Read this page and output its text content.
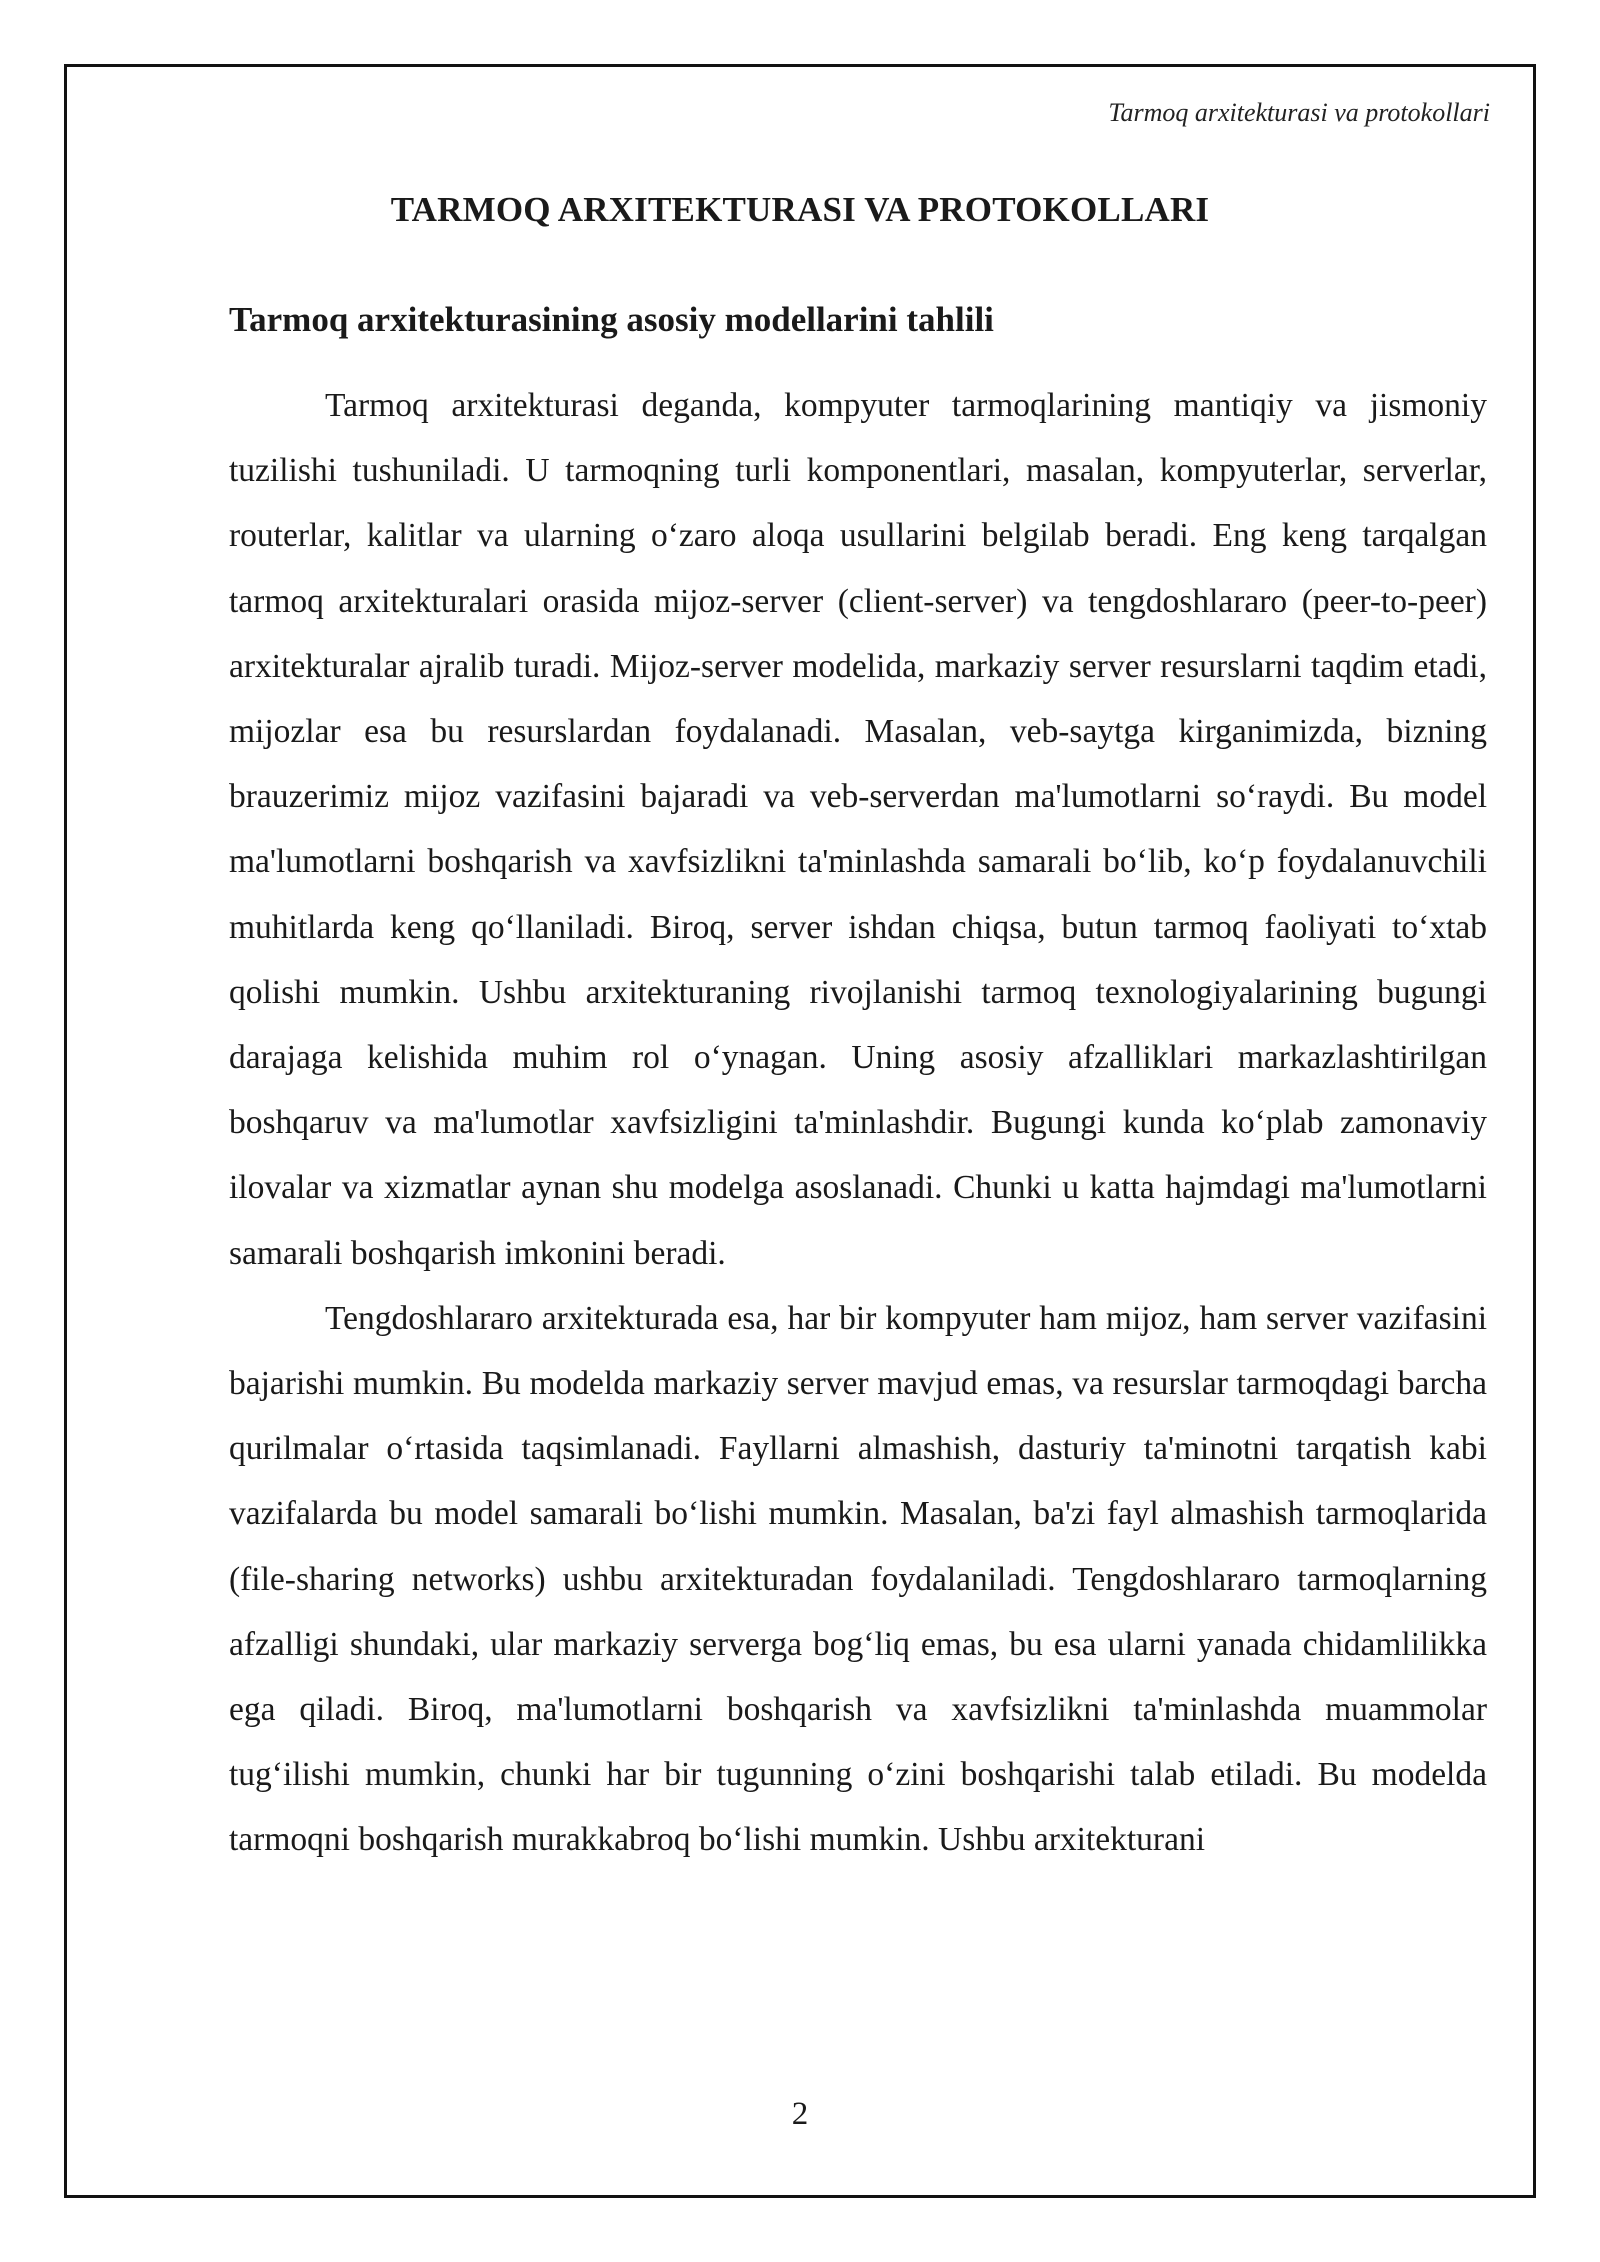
Tarmoq arxitekturasi va protokollari
TARMOQ ARXITEKTURASI VA PROTOKOLLARI
Tarmoq arxitekturasining asosiy modellarini tahlili

Tarmoq arxitekturasi deganda, kompyuter tarmoqlarining mantiqiy va jismoniy tuzilishi tushuniladi. U tarmoqning turli komponentlari, masalan, kompyuterlar, serverlar, routerlar, kalitlar va ularning o‘zaro aloqa usullarini belgilab beradi. Eng keng tarqalgan tarmoq arxitekturalari orasida mijoz-server (client-server) va tengdoshlararo (peer-to-peer) arxitekturalar ajralib turadi. Mijoz-server modelida, markaziy server resurslarni taqdim etadi, mijozlar esa bu resurslardan foydalanadi. Masalan, veb-saytga kirganimizda, bizning brauzerimiz mijoz vazifasini bajaradi va veb-serverdan ma'lumotlarni so‘raydi. Bu model ma'lumotlarni boshqarish va xavfsizlikni ta'minlashda samarali bo‘lib, ko‘p foydalanuvchili muhitlarda keng qo‘llaniladi. Biroq, server ishdan chiqsa, butun tarmoq faoliyati to‘xtab qolishi mumkin. Ushbu arxitekturaning rivojlanishi tarmoq texnologiyalarining bugungi darajaga kelishida muhim rol o‘ynagan. Uning asosiy afzalliklari markazlashtirilgan boshqaruv va ma'lumotlar xavfsizligini ta'minlashdir. Bugungi kunda ko‘plab zamonaviy ilovalar va xizmatlar aynan shu modelga asoslanadi. Chunki u katta hajmdagi ma'lumotlarni samarali boshqarish imkonini beradi.

Tengdoshlararo arxitekturada esa, har bir kompyuter ham mijoz, ham server vazifasini bajarishi mumkin. Bu modelda markaziy server mavjud emas, va resurslar tarmoqdagi barcha qurilmalar o‘rtasida taqsimlanadi. Fayllarni almashish, dasturiy ta'minotni tarqatish kabi vazifalarda bu model samarali bo‘lishi mumkin. Masalan, ba'zi fayl almashish tarmoqlarida (file-sharing networks) ushbu arxitekturadan foydalaniladi. Tengdoshlararo tarmoqlarning afzalligi shundaki, ular markaziy serverga bog‘liq emas, bu esa ularni yanada chidamlilikka ega qiladi. Biroq, ma'lumotlarni boshqarish va xavfsizlikni ta'minlashda muammolar tug‘ilishi mumkin, chunki har bir tugunning o‘zini boshqarishi talab etiladi. Bu modelda tarmoqni boshqarish murakkabroq bo‘lishi mumkin. Ushbu arxitekturani

2
